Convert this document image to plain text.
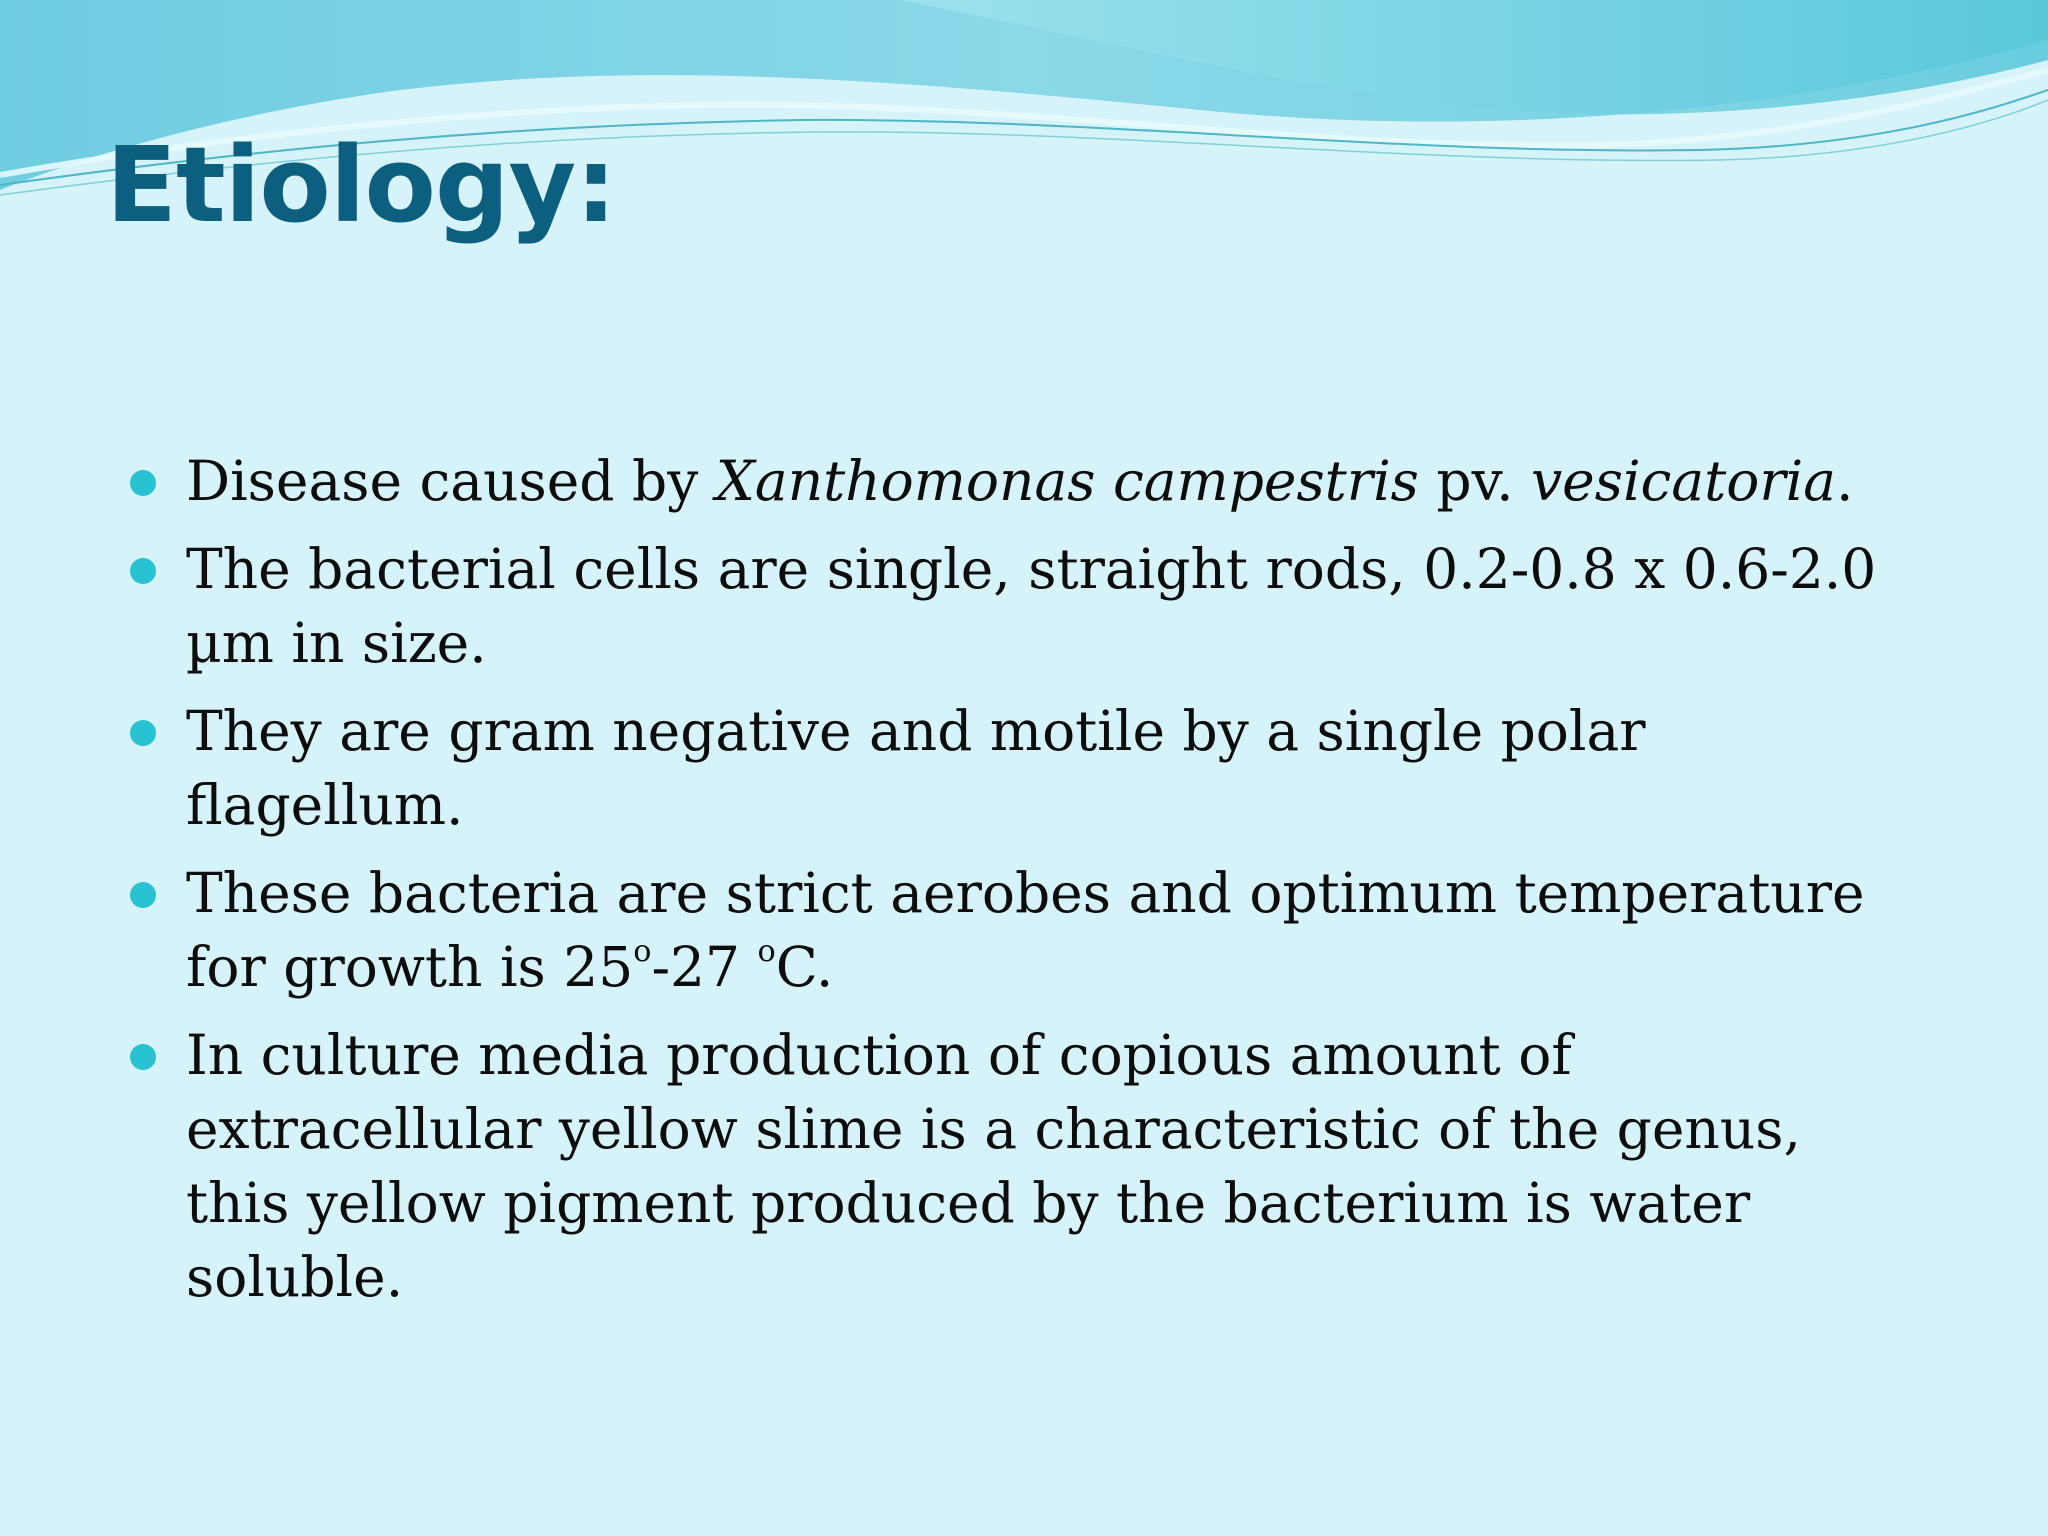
Etiology:
Disease caused by Xanthomonas campestris pv. vesicatoria.
The bacterial cells are single, straight rods, 0.2-0.8 x 0.6-2.0 µm in size.
They are gram negative and motile by a single polar flagellum.
These bacteria are strict aerobes and optimum temperature for growth is 25$^o$-27 $^o$C.
In culture media production of copious amount of extracellular yellow slime is a characteristic of the genus, this yellow pigment produced by the bacterium is water soluble.
